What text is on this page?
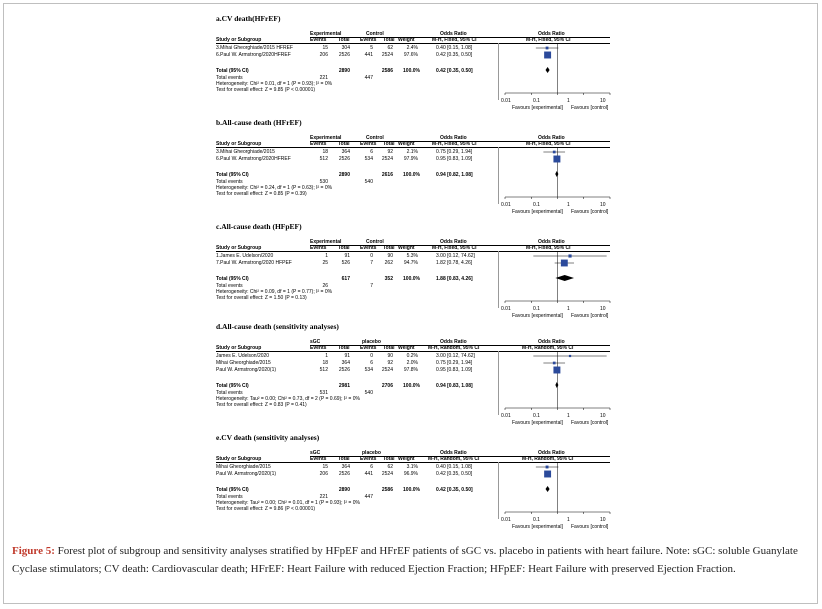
a.CV death(HFrEF)
Experimental	Control	Odds Ratio	Odds Ratio
Study or Subgroup	Events Total Events Total Weight	M-H, Fixed, 95% CI	M-H, Fixed, 95% CI
3.Mihai Gheorghiade/2015 HFREF	15	304	5	62	2.4%	0.40 [0.15, 1.08]
6.Paul W. Armstrong/2020HFREF	206	2526	441	2524	97.6%	0.42 [0.35, 0.50]
Total (95% CI)	2890	2586	100.0%	0.42 [0.35, 0.50]
Total events	221	447
Heterogeneity: Chi² = 0.01, df = 1 (P = 0.93); I² = 0%
Test for overall effect: Z = 9.85 (P < 0.00001)
0.01	0.1	1	10
Favours [experimental] Favours [control]
b.All-cause death (HFrEF)
Experimental	Control	Odds Ratio	Odds Ratio
Study or Subgroup	Events Total Events Total Weight	M-H, Fixed, 95% CI	M-H, Fixed, 95% CI
3.Mihai Gheorghiade/2015	18	364	6	92	2.1%	0.75 [0.29, 1.94]
6.Paul W. Armstrong/2020HFREF	512	2526	534	2524	97.9%	0.95 [0.83, 1.09]
Total (95% CI)	2890	2616	100.0%	0.94 [0.82, 1.08]
Total events	530	540
Heterogeneity: Chi² = 0.24, df = 1 (P = 0.63); I² = 0%
Test for overall effect: Z = 0.85 (P = 0.39)
0.01	0.1	1	10
Favours [experimental] Favours [control]
c.All-cause death (HFpEF)
Experimental	Control	Odds Ratio	Odds Ratio
Study or Subgroup	Events Total Events Total Weight	M-H, Fixed, 95% CI	M-H, Fixed, 95% CI
1.James E. Udelson/2020	1	91	0	90	5.3%	3.00 [0.12, 74.62]
7.Paul W. Armstrong/2020 HFPEF	25	526	7	262	94.7%	1.82 [0.78, 4.26]
Total (95% CI)	617	352	100.0%	1.88 [0.83, 4.26]
Total events	26	7
Heterogeneity: Chi² = 0.09, df = 1 (P = 0.77); I² = 0%
Test for overall effect: Z = 1.50 (P = 0.13)
0.01	0.1	1	10
Favours [experimental] Favours [control]
d.All-cause death (sensitivity analyses)
sGC	placebo	Odds Ratio	Odds Ratio
Study or Subgroup	Events Total Events Total Weight	M-H, Random, 95% CI	M-H, Random, 95% CI
James E. Udelson/2020	1	91	0	90	0.2%	3.00 [0.12, 74.62]
Mihai Gheorghiade/2015	18	364	6	92	2.0%	0.75 [0.29, 1.94]
Paul W. Armstrong/2020(1)	512	2526	534	2524	97.8%	0.95 [0.83, 1.09]
Total (95% CI)	2981	2706	100.0%	0.94 [0.83, 1.08]
Total events	531	540
Heterogeneity: Tau² = 0.00; Chi² = 0.73, df = 2 (P = 0.69); I² = 0%
Test for overall effect: Z = 0.83 (P = 0.41)
0.01	0.1	1	10
Favours [experimental] Favours [control]
e.CV death (sensitivity analyses)
sGC	placebo	Odds Ratio	Odds Ratio
Study or Subgroup	Events Total Events Total Weight	M-H, Random, 95% CI	M-H, Random, 95% CI
Mihai Gheorghiade/2015	15	364	6	62	3.1%	0.40 [0.15, 1.08]
Paul W. Armstrong/2020(1)	206	2526	441	2524	96.9%	0.42 [0.35, 0.50]
Total (95% CI)	2890	2586	100.0%	0.42 [0.35, 0.50]
Total events	221	447
Heterogeneity: Tau² = 0.00; Chi² = 0.01, df = 1 (P = 0.93); I² = 0%
Test for overall effect: Z = 9.86 (P < 0.00001)
0.01	0.1	1	10
Favours [experimental] Favours [control]
Figure 5: Forest plot of subgroup and sensitivity analyses stratified by HFpEF and HFrEF patients of sGC vs. placebo in patients with heart failure. Note: sGC: soluble Guanylate Cyclase stimulators; CV death: Cardiovascular death; HFrEF: Heart Failure with reduced Ejection Fraction; HFpEF: Heart Failure with preserved Ejection Fraction.
